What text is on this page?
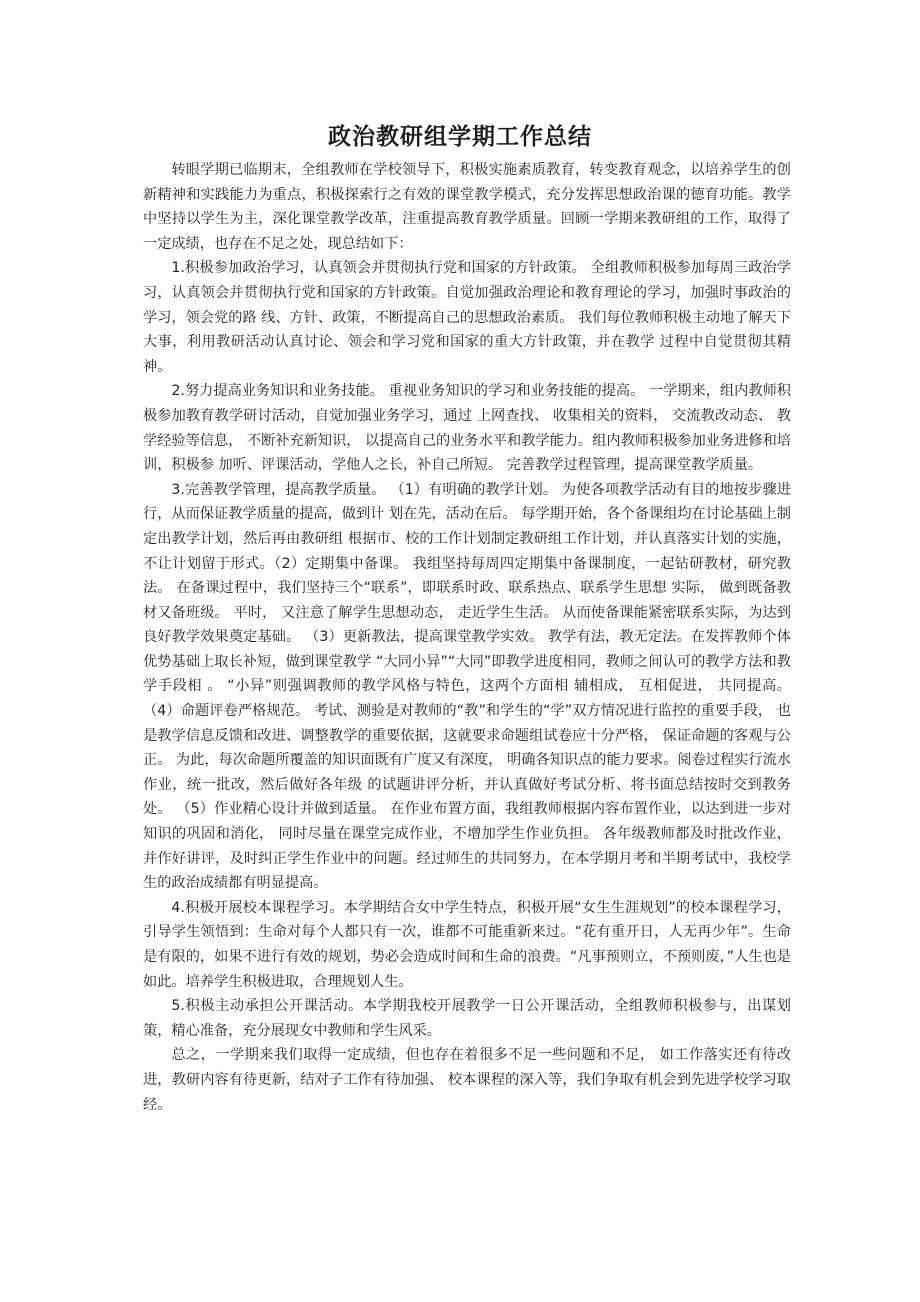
政治教研组学期工作总结

转眼学期已临期末，全组教师在学校领导下，积极实施素质教育，转变教育观念，以培养学生的创新精神和实践能力为重点，积极探索行之有效的课堂教学模式，充分发挥思想政治课的德育功能。教学中坚持以学生为主，深化课堂教学改革，注重提高教育教学质量。回顾一学期来教研组的工作，取得了一定成绩，也存在不足之处，现总结如下：

1.积极参加政治学习，认真领会并贯彻执行党和国家的方针政策。 全组教师积极参加每周三政治学习，认真领会并贯彻执行党和国家的方针政策。自觉加强政治理论和教育理论的学习，加强时事政治的学习，领会党的路 线、方针、政策，不断提高自己的思想政治素质。 我们每位教师积极主动地了解天下大事，利用教研活动认真讨论、领会和学习党和国家的重大方针政策，并在教学 过程中自觉贯彻其精神。

2.努力提高业务知识和业务技能。 重视业务知识的学习和业务技能的提高。 一学期来，组内教师积极参加教育教学研讨活动，自觉加强业务学习，通过 上网查找、 收集相关的资料， 交流教改动态、 教学经验等信息， 不断补充新知识， 以提高自己的业务水平和教学能力。组内教师积极参加业务进修和培训，积极参 加听、评课活动，学他人之长，补自己所短。 完善教学过程管理，提高课堂教学质量。

3.完善教学管理，提高教学质量。 （1）有明确的教学计划。 为使各项教学活动有目的地按步骤进行，从而保证教学质量的提高，做到计 划在先，活动在后。 每学期开始，各个备课组均在讨论基础上制定出教学计划，然后再由教研组 根据市、校的工作计划制定教研组工作计划，并认真落实计划的实施，不让计划留于形式。（2）定期集中备课。 我组坚持每周四定期集中备课制度，一起钻研教材，研究教法。 在备课过程中，我们坚持三个“联系”，即联系时政、联系热点、联系学生思想 实际， 做到既备教材又备班级。 平时， 又注意了解学生思想动态， 走近学生生活。 从而使备课能紧密联系实际，为达到良好教学效果奠定基础。 （3）更新教法，提高课堂教学实效。 教学有法，教无定法。在发挥教师个体优势基础上取长补短，做到课堂教学 “大同小异”“大同”即教学进度相同，教师之间认可的教学方法和教学手段相 。 “小异”则强调教师的教学风格与特色，这两个方面相 辅相成， 互相促进， 共同提高。 （4）命题评卷严格规范。 考试、测验是对教师的“教”和学生的“学”双方情况进行监控的重要手段， 也是教学信息反馈和改进、调整教学的重要依据，这就要求命题组试卷应十分严格， 保证命题的客观与公正。 为此，每次命题所覆盖的知识面既有广度又有深度， 明确各知识点的能力要求。阅卷过程实行流水作业，统一批改，然后做好各年级 的试题讲评分析，并认真做好考试分析、将书面总结按时交到教务处。 （5）作业精心设计并做到适量。 在作业布置方面，我组教师根据内容布置作业，以达到进一步对知识的巩固和消化， 同时尽量在课堂完成作业，不增加学生作业负担。 各年级教师都及时批改作业， 并作好讲评，及时纠正学生作业中的问题。经过师生的共同努力，在本学期月考和半期考试中，我校学生的政治成绩都有明显提高。

4.积极开展校本课程学习。本学期结合女中学生特点，积极开展“女生生涯规划”的校本课程学习，引导学生领悟到：生命对每个人都只有一次，谁都不可能重新来过。“花有重开日，人无再少年”。生命是有限的，如果不进行有效的规划，势必会造成时间和生命的浪费。“凡事预则立，不预则废，”人生也是如此。培养学生积极进取，合理规划人生。

5.积极主动承担公开课活动。本学期我校开展教学一日公开课活动，全组教师积极参与，出谋划策，精心准备，充分展现女中教师和学生风采。

总之，一学期来我们取得一定成绩，但也存在着很多不足一些问题和不足， 如工作落实还有待改进，教研内容有待更新，结对子工作有待加强、 校本课程的深入等，我们争取有机会到先进学校学习取经。
